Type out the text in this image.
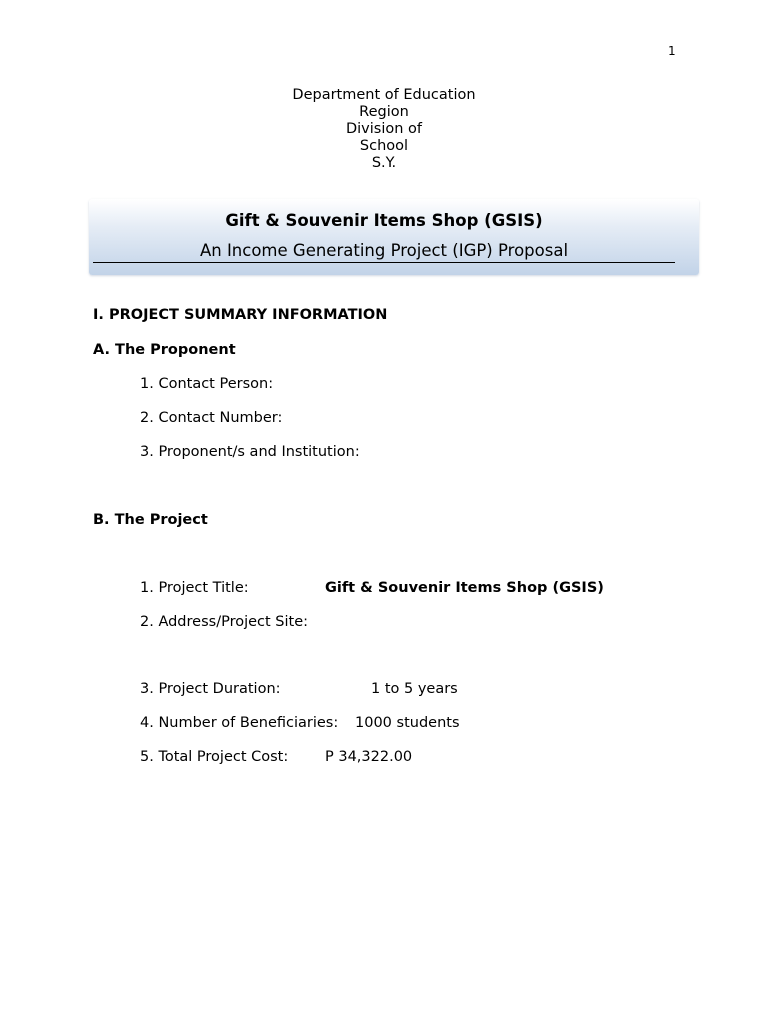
1
Department of Education
Region
Division of
School
S.Y.
Gift & Souvenir Items Shop (GSIS)
An Income Generating Project (IGP) Proposal
I. PROJECT SUMMARY INFORMATION
A. The Proponent
1. Contact Person:
2. Contact Number:
3. Proponent/s and Institution:
B. The Project
1. Project Title:	Gift & Souvenir Items Shop (GSIS)
2. Address/Project Site:
3. Project Duration:	1 to 5 years
4. Number of Beneficiaries: 1000 students
5. Total Project Cost:	P 34,322.00
